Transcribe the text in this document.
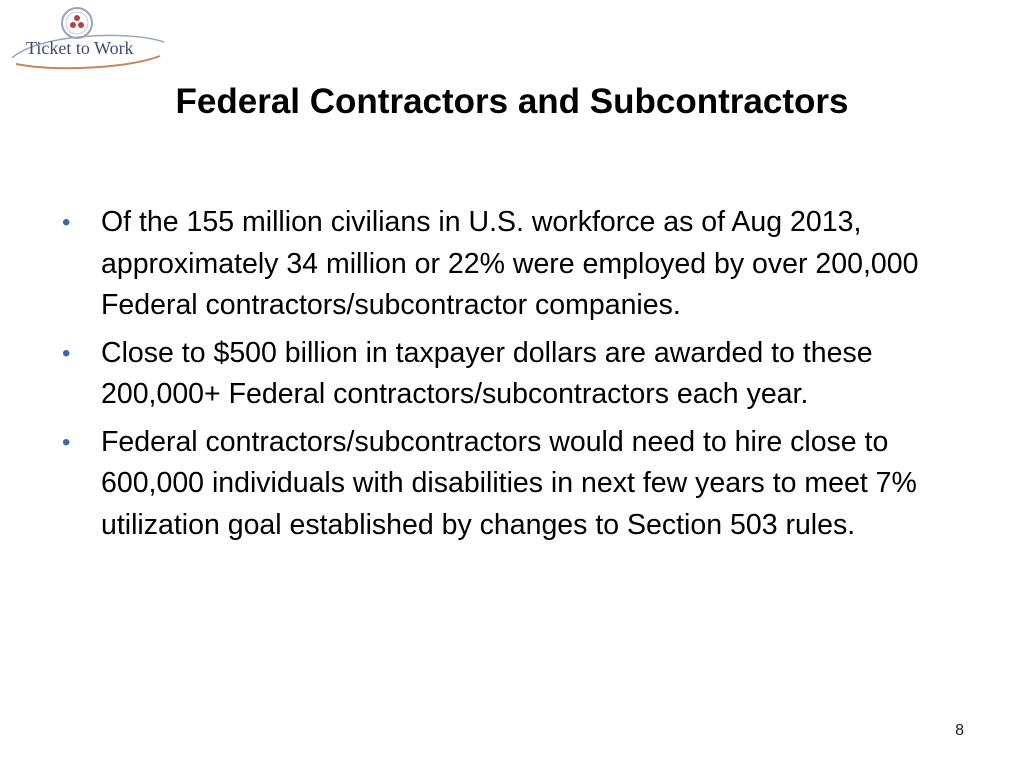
Ticket to Work
Federal Contractors and Subcontractors
• Of the 155 million civilians in U.S. workforce as of Aug 2013, approximately 34 million or 22% were employed by over 200,000 Federal contractors/subcontractor companies.
• Close to $500 billion in taxpayer dollars are awarded to these 200,000+ Federal contractors/subcontractors each year.
• Federal contractors/subcontractors would need to hire close to 600,000 individuals with disabilities in next few years to meet 7% utilization goal established by changes to Section 503 rules.
8
